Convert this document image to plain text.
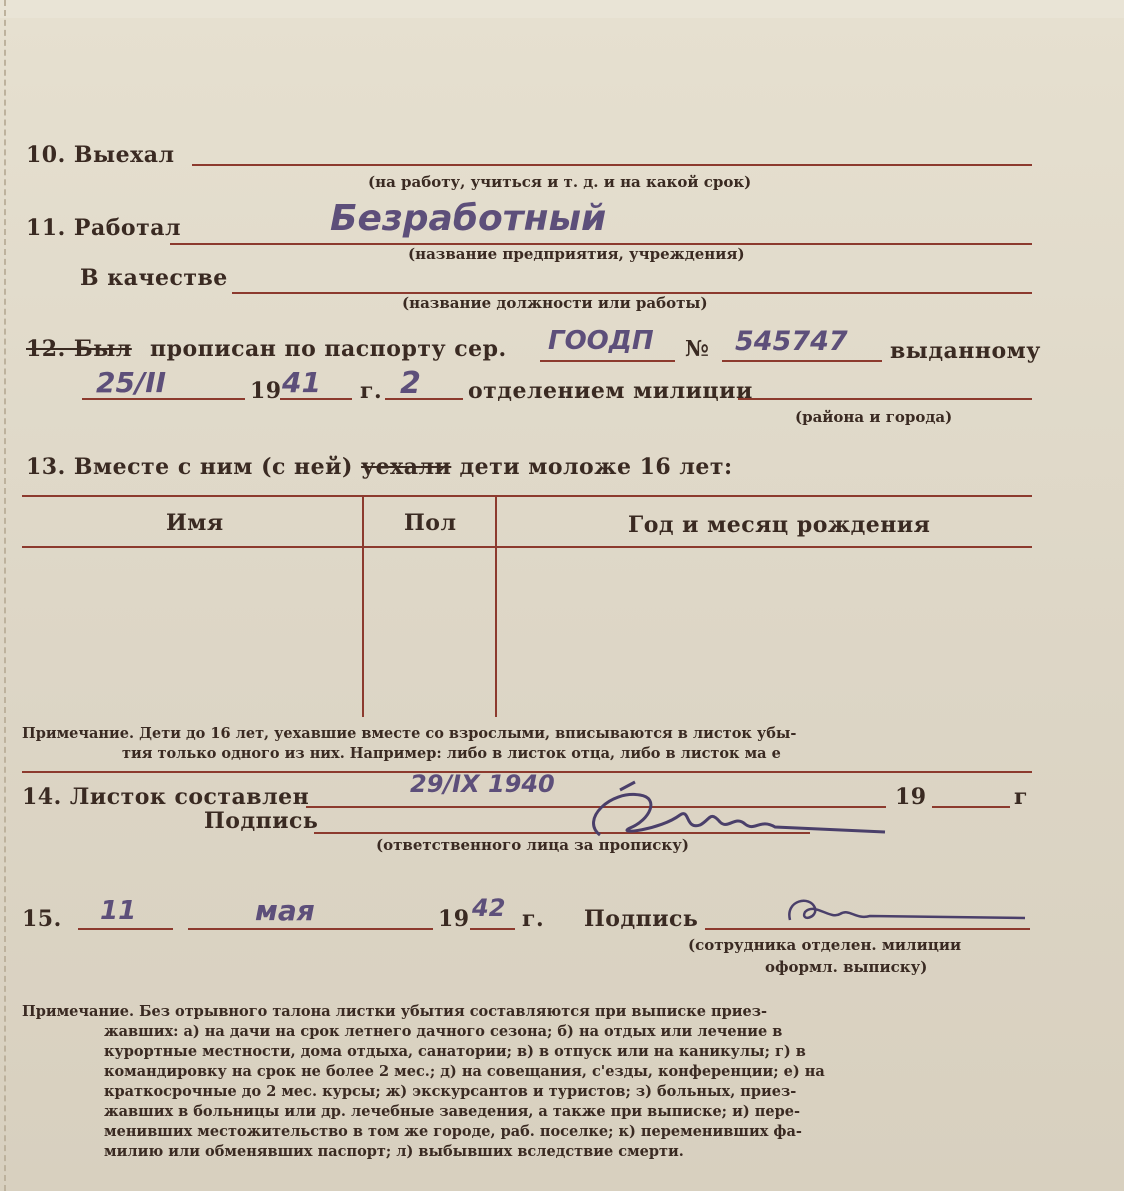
10. Выехал
(на работу, учиться и т. д. и на какой срок)
11. Работал	Безработный
(название предприятия, учреждения)
В качестве
(название должности или работы)
12. Был прописан по паспорту сер. ГООДП № 545747 выданному
25/II	19 41 г. 2 отделением милиции
(района и города)
13. Вместе с ним (с ней) уехали дети моложе 16 лет:
Имя	Пол	Год и месяц рождения
Примечание. Дети до 16 лет, уехавшие вместе со взрослыми, вписываются в листок убы-
тия только одного из них. Например: либо в листок отца, либо в листок ма е
14. Листок составлен	29/IX 1940	19	г
Подпись
(ответственного лица за прописку)
15. 11	мая	19 42 г. Подпись
(сотрудника отделен. милиции
оформл. выписку)
Примечание. Без отрывного талона листки убытия составляются при выписке приез-
жавших: а) на дачи на срок летнего дачного сезона; б) на отдых или лечение в
курортные местности, дома отдыха, санатории; в) в отпуск или на каникулы; г) в
командировку на срок не более 2 мес.; д) на совещания, с'езды, конференции; е) на
краткосрочные до 2 мес. курсы; ж) экскурсантов и туристов; з) больных, приез-
жавших в больницы или др. лечебные заведения, а также при выписке; и) пере-
менивших местожительство в том же городе, раб. поселке; к) переменивших фа-
милию или обменявших паспорт; л) выбывших вследствие смерти.
